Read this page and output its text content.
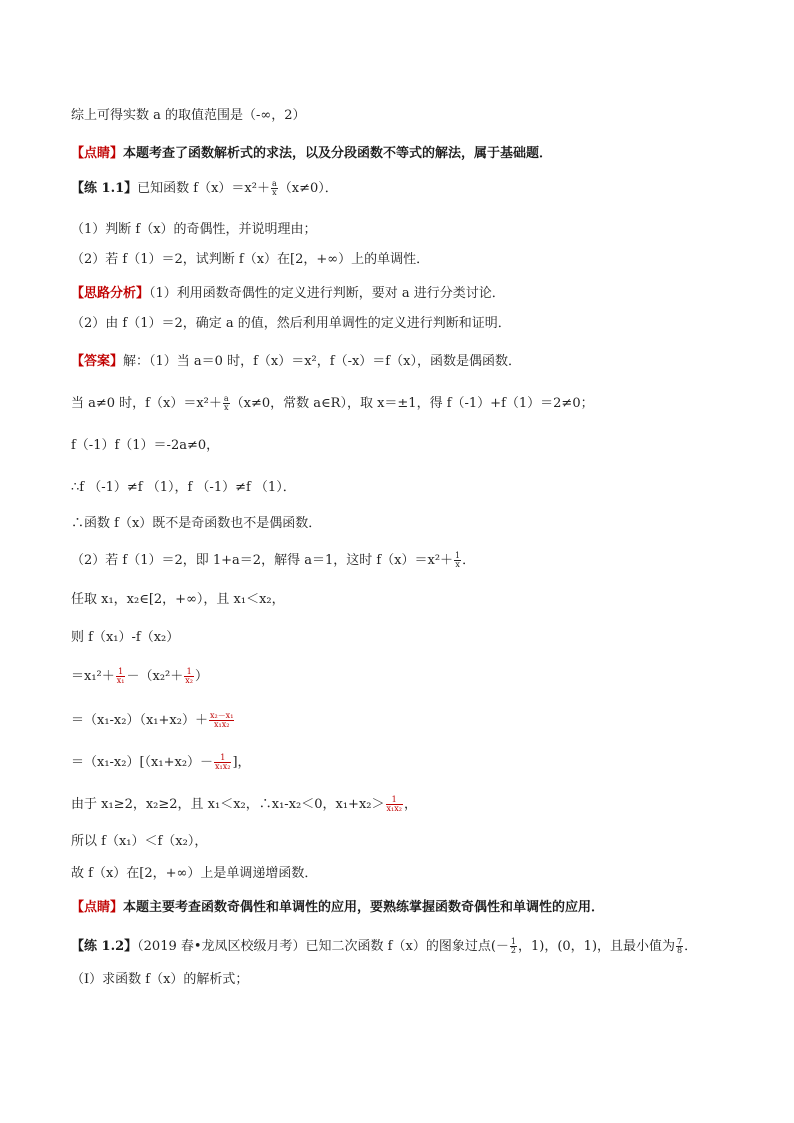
综上可得实数 a 的取值范围是（-∞，2）
【点睛】本题考查了函数解析式的求法，以及分段函数不等式的解法，属于基础题．
【练 1.1】已知函数 $f(x)=x^2+ \frac{a}{x} (x\ne 0)$．
（1）判断 f（x）的奇偶性，并说明理由；
（2）若 f（1）＝2，试判断 f（x）在[2，+∞）上的单调性．
【思路分析】（1）利用函数奇偶性的定义进行判断，要对 a 进行分类讨论．
（2）由 f（1）＝2，确定 a 的值，然后利用单调性的定义进行判断和证明．
【答案】解：（1）当 a＝0 时，f（x）＝x²，f（-x）＝f（x），函数是偶函数．
当 a≠0 时，$f(x)=x^2+ \frac{a}{x} (x\ne 0$，常数 a∈R），取 x＝±1，得 f（-1）+f（1）＝2≠0；
f（-1）f（1）＝-2a≠0，
∴f （-1）≠f （1），f （-1）≠f （1）．
∴函数 f（x）既不是奇函数也不是偶函数．
（2）若 f（1）＝2，即 1+a＝2，解得 a＝1，这时 $f(x)=x^2+ \frac{1}{x}$ ．
任取 x₁，x₂∈[2，+∞），且 x₁＜x₂，
则 f（x₁）-f（x₂）
$=x_1^2+ \frac{1}{\text{x₁}} -(x_2^2+ \frac{1}{\text{x₂}}$ ）
$=(x_1-x_2)(x_1+x_2)+ \frac{\text{x₂－x₁}}{\text{x₁x₂}}$
$=(x_1-x_2)[(x_1+x_2)- \frac{1}{\text{x₁x₂}}$ ]，
由于 x₁≥2，x₂≥2，且 x₁＜x₂，∴x₁-x₂＜0，$x_1+x_2> \frac{1}{\text{x₁x₂}}$ ，
所以 f（x₁）＜f（x₂），
故 f（x）在[2，+∞）上是单调递增函数．
【点睛】本题主要考查函数奇偶性和单调性的应用，要熟练掌握函数奇偶性和单调性的应用．
【练 1.2】（2019 春•龙凤区校级月考）已知二次函数 f（x）的图象过点(－ $\frac{1}{2}$ ，1)，(0，1)，且最小值为 $\frac{7}{8}$ ．
（Ⅰ）求函数 f（x）的解析式；
